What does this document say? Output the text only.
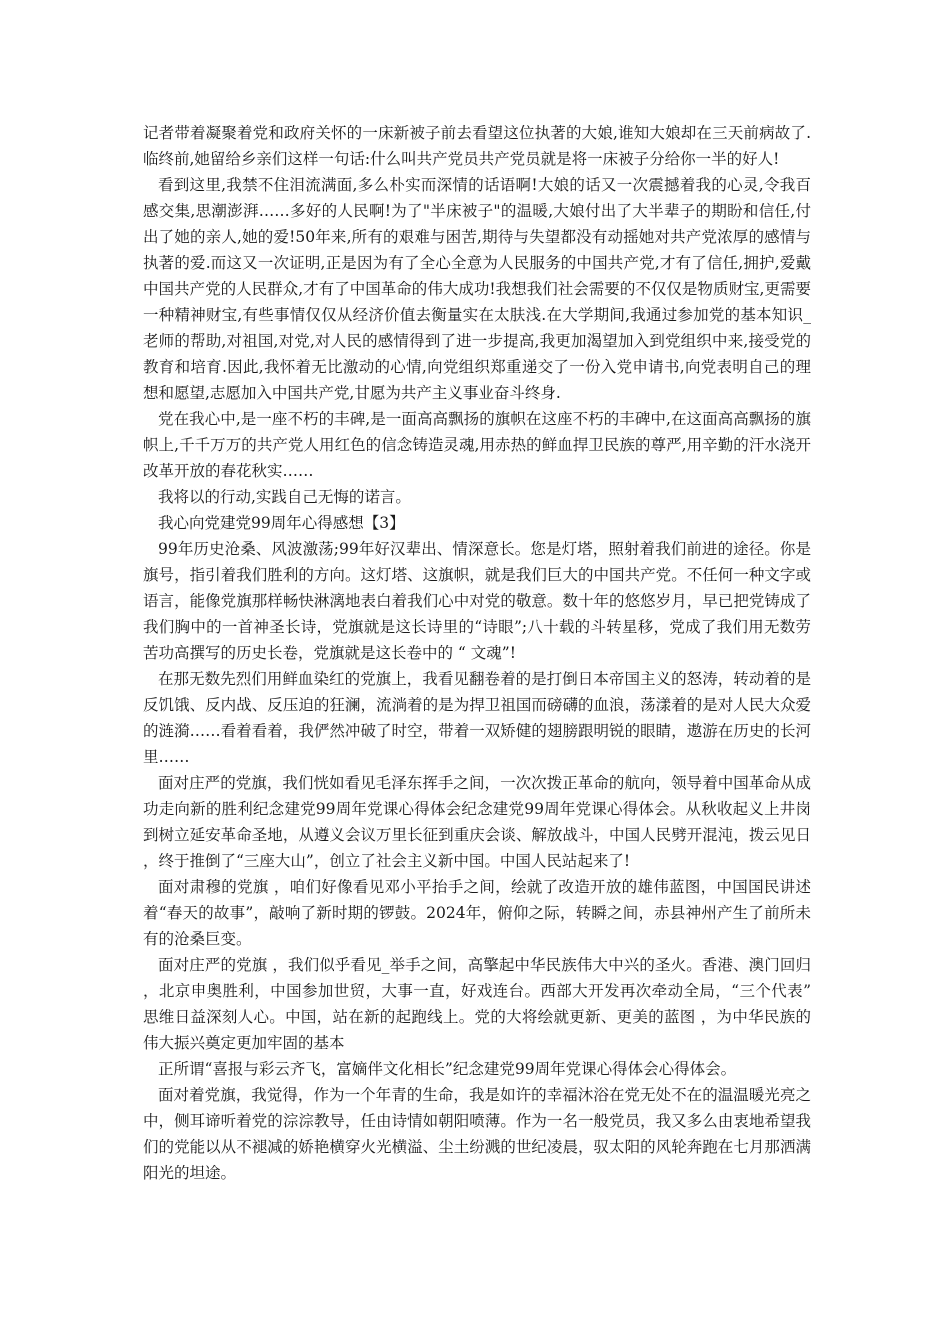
记者带着凝聚着党和政府关怀的一床新被子前去看望这位执著的大娘,谁知大娘却在三天前病故了.临终前,她留给乡亲们这样一句话:什么叫共产党员共产党员就是将一床被子分给你一半的好人!

看到这里,我禁不住泪流满面,多么朴实而深情的话语啊!大娘的话又一次震撼着我的心灵,令我百感交集,思潮澎湃……多好的人民啊!为了"半床被子"的温暖,大娘付出了大半辈子的期盼和信任,付出了她的亲人,她的爱!50年来,所有的艰难与困苦,期待与失望都没有动摇她对共产党浓厚的感情与执著的爱.而这又一次证明,正是因为有了全心全意为人民服务的中国共产党,才有了信任,拥护,爱戴中国共产党的人民群众,才有了中国革命的伟大成功!我想我们社会需要的不仅仅是物质财宝,更需要一种精神财宝,有些事情仅仅从经济价值去衡量实在太肤浅.在大学期间,我通过参加党的基本知识_老师的帮助,对祖国,对党,对人民的感情得到了进一步提高,我更加渴望加入到党组织中来,接受党的教育和培育.因此,我怀着无比激动的心情,向党组织郑重递交了一份入党申请书,向党表明自己的理想和愿望,志愿加入中国共产党,甘愿为共产主义事业奋斗终身.

党在我心中,是一座不朽的丰碑,是一面高高飘扬的旗帜在这座不朽的丰碑中,在这面高高飘扬的旗帜上,千千万万的共产党人用红色的信念铸造灵魂,用赤热的鲜血捍卫民族的尊严,用辛勤的汗水浇开改革开放的春花秋实……

我将以的行动,实践自己无悔的诺言。

我心向党建党99周年心得感想【3】

99年历史沧桑、风波激荡;99年好汉辈出、情深意长。您是灯塔，照射着我们前进的途径。你是旗号，指引着我们胜利的方向。这灯塔、这旗帜，就是我们巨大的中国共产党。不任何一种文字或语言，能像党旗那样畅快淋漓地表白着我们心中对党的敬意。数十年的悠悠岁月，早已把党铸成了我们胸中的一首神圣长诗，党旗就是这长诗里的“诗眼”;八十载的斗转星移，党成了我们用无数劳苦功高撰写的历史长卷，党旗就是这长卷中的 “ 文魂”!

在那无数先烈们用鲜血染红的党旗上，我看见翻卷着的是打倒日本帝国主义的怒涛，转动着的是反饥饿、反内战、反压迫的狂澜，流淌着的是为捍卫祖国而磅礴的血浪，荡漾着的是对人民大众爱的涟漪……看着看着，我俨然冲破了时空，带着一双矫健的翅膀跟明锐的眼睛，遨游在历史的长河里……

面对庄严的党旗，我们恍如看见毛泽东挥手之间，一次次拨正革命的航向，领导着中国革命从成功走向新的胜利纪念建党99周年党课心得体会纪念建党99周年党课心得体会。从秋收起义上井岗到树立延安革命圣地，从遵义会议万里长征到重庆会谈、解放战斗，中国人民劈开混沌，拨云见日，终于推倒了“三座大山”，创立了社会主义新中国。中国人民站起来了!

面对肃穆的党旗 ，咱们好像看见邓小平抬手之间，绘就了改造开放的雄伟蓝图，中国国民讲述着“春天的故事”，敲响了新时期的锣鼓。2024年，俯仰之际，转瞬之间，赤县神州产生了前所未有的沧桑巨变。

面对庄严的党旗 ，我们似乎看见_举手之间，高擎起中华民族伟大中兴的圣火。香港、澳门回归，北京申奥胜利，中国参加世贸，大事一直，好戏连台。西部大开发再次牵动全局，“三个代表” 思维日益深刻人心。中国，站在新的起跑线上。党的大将绘就更新、更美的蓝图 ，为中华民族的伟大振兴奠定更加牢固的基本

正所谓“喜报与彩云齐飞，富嫡伴文化相长”纪念建党99周年党课心得体会心得体会。

面对着党旗，我觉得，作为一个年青的生命，我是如许的幸福沐浴在党无处不在的温温暖光亮之中，侧耳谛听着党的淙淙教导，任由诗情如朝阳喷薄。作为一名一般党员，我又多么由衷地希望我们的党能以从不褪减的娇艳横穿火光横溢、尘土纷溅的世纪凌晨，驭太阳的风轮奔跑在七月那洒满阳光的坦途。
